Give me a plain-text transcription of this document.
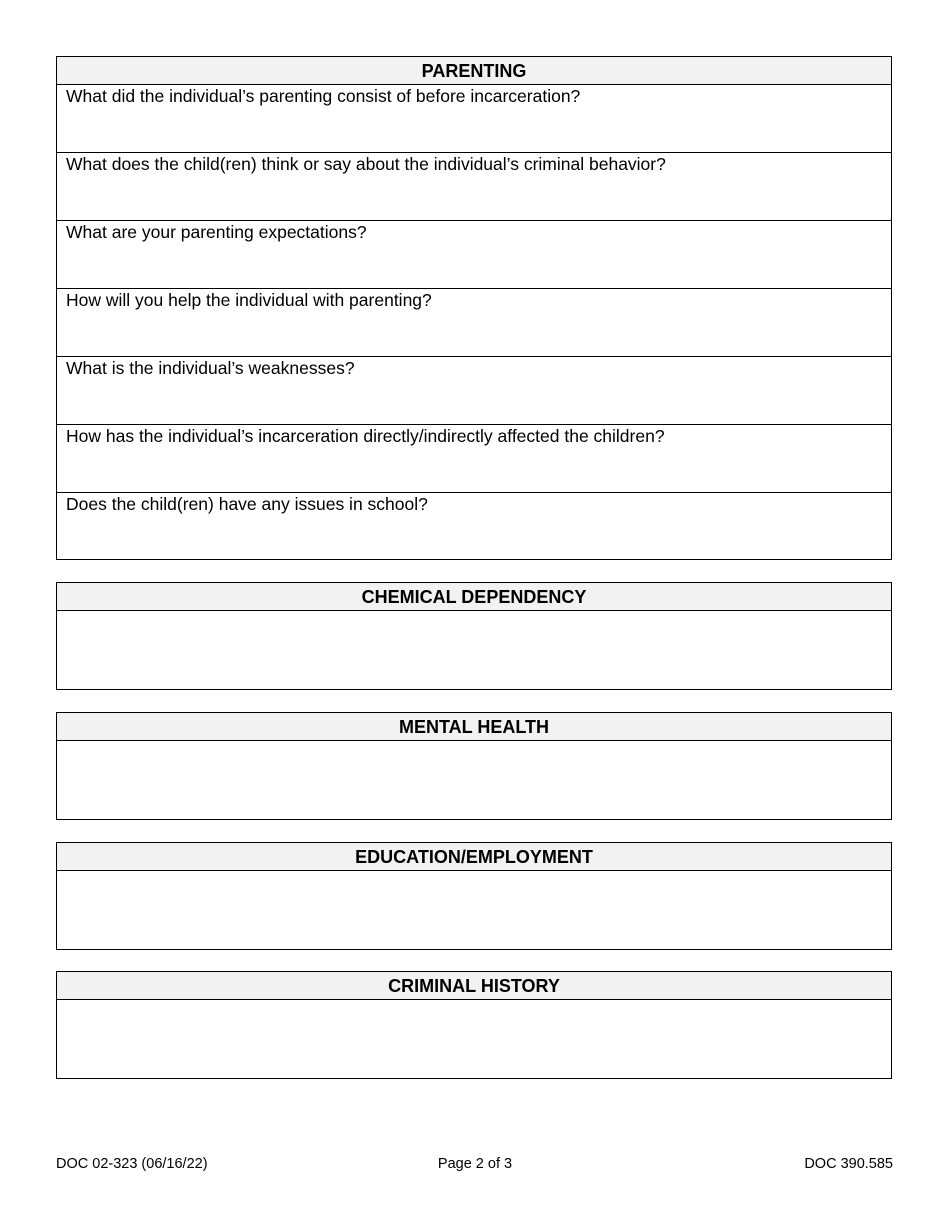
PARENTING
What did the individual’s parenting consist of before incarceration?
What does the child(ren) think or say about the individual’s criminal behavior?
What are your parenting expectations?
How will you help the individual with parenting?
What is the individual’s weaknesses?
How has the individual’s incarceration directly/indirectly affected the children?
Does the child(ren) have any issues in school?
CHEMICAL DEPENDENCY
MENTAL HEALTH
EDUCATION/EMPLOYMENT
CRIMINAL HISTORY
DOC 02-323 (06/16/22)	Page 2 of 3	DOC 390.585
